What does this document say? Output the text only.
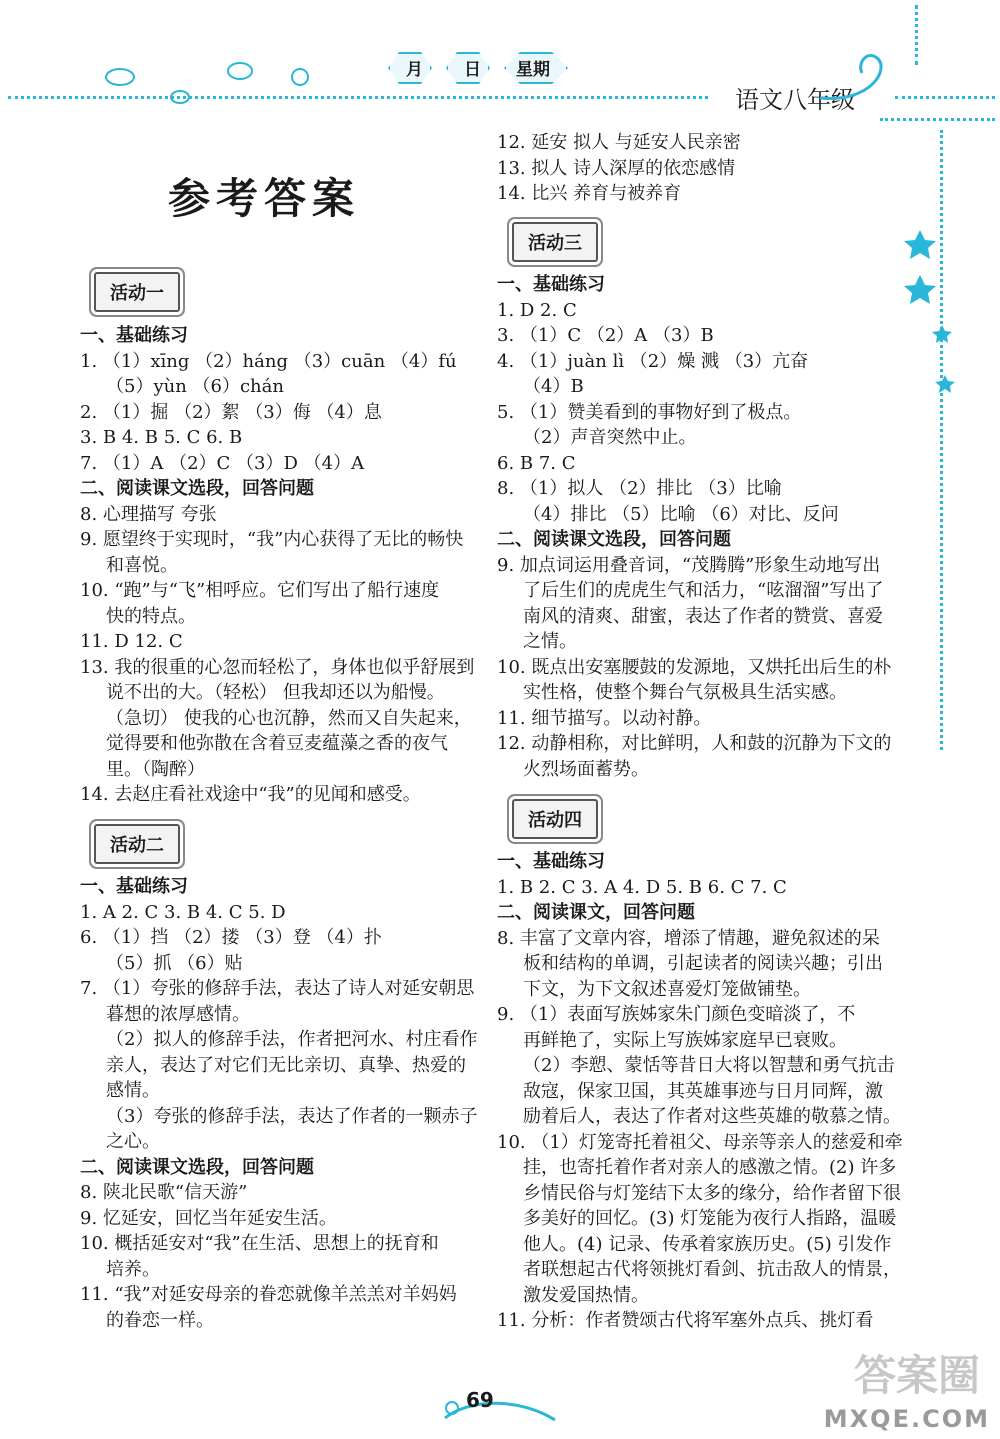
月 日 星期
语文八年级
参考答案
活动一
活动二
活动三
活动四
一、基础练习
1. （1）xīng （2）háng （3）cuān （4）fú
（5）yùn （6）chán
2. （1）掘 （2）絮 （3）侮 （4）息
3. B 4. B 5. C 6. B
7. （1）A （2）C （3）D （4）A
二、阅读课文选段，回答问题
8. 心理描写 夸张
9. 愿望终于实现时，“我”内心获得了无比的畅快
和喜悦。
10. “跑”与“飞”相呼应。它们写出了船行速度
快的特点。
11. D 12. C
13. 我的很重的心忽而轻松了，身体也似乎舒展到
说不出的大。（轻松） 但我却还以为船慢。
（急切） 使我的心也沉静，然而又自失起来，
觉得要和他弥散在含着豆麦蕴藻之香的夜气
里。（陶醉）
14. 去赵庄看社戏途中“我”的见闻和感受。
一、基础练习
1. A 2. C 3. B 4. C 5. D
6. （1）挡 （2）搂 （3）登 （4）扑
（5）抓 （6）贴
7. （1）夸张的修辞手法，表达了诗人对延安朝思
暮想的浓厚感情。
（2）拟人的修辞手法，作者把河水、村庄看作
亲人，表达了对它们无比亲切、真挚、热爱的
感情。
（3）夸张的修辞手法，表达了作者的一颗赤子
之心。
二、阅读课文选段，回答问题
8. 陕北民歌“信天游”
9. 忆延安，回忆当年延安生活。
10. 概括延安对“我”在生活、思想上的抚育和
培养。
11. “我”对延安母亲的眷恋就像羊羔羔对羊妈妈
的眷恋一样。
12. 延安 拟人 与延安人民亲密
13. 拟人 诗人深厚的依恋感情
14. 比兴 养育与被养育
一、基础练习
1. D 2. C
3. （1）C （2）A （3）B
4. （1）juàn lì （2）燥 溅 （3）亢奋
（4）B
5. （1）赞美看到的事物好到了极点。
（2）声音突然中止。
6. B 7. C
8. （1）拟人 （2）排比 （3）比喻
（4）排比 （5）比喻 （6）对比、反问
二、阅读课文选段，回答问题
9. 加点词运用叠音词，“茂腾腾”形象生动地写出
了后生们的虎虎生气和活力，“呟溜溜”写出了
南风的清爽、甜蜜，表达了作者的赞赏、喜爱
之情。
10. 既点出安塞腰鼓的发源地，又烘托出后生的朴
实性格，使整个舞台气氛极具生活实感。
11. 细节描写。以动衬静。
12. 动静相称，对比鲜明，人和鼓的沉静为下文的
火烈场面蓄势。
一、基础练习
1. B 2. C 3. A 4. D 5. B 6. C 7. C
二、阅读课文，回答问题
8. 丰富了文章内容，增添了情趣，避免叙述的呆
板和结构的单调，引起读者的阅读兴趣；引出
下文，为下文叙述喜爱灯笼做铺垫。
9. （1）表面写族姊家朱门颜色变暗淡了，不
再鲜艳了，实际上写族姊家庭早已衰败。
（2）李愬、蒙恬等昔日大将以智慧和勇气抗击
敌寇，保家卫国，其英雄事迹与日月同辉，激
励着后人，表达了作者对这些英雄的敬慕之情。
10. （1）灯笼寄托着祖父、母亲等亲人的慈爱和牵
挂，也寄托着作者对亲人的感激之情。(2) 许多
乡情民俗与灯笼结下太多的缘分，给作者留下很
多美好的回忆。(3) 灯笼能为夜行人指路，温暖
他人。(4) 记录、传承着家族历史。(5) 引发作
者联想起古代将领挑灯看剑、抗击敌人的情景，
激发爱国热情。
11. 分析：作者赞颂古代将军塞外点兵、挑灯看
69	答案圈
MXQE.COM
